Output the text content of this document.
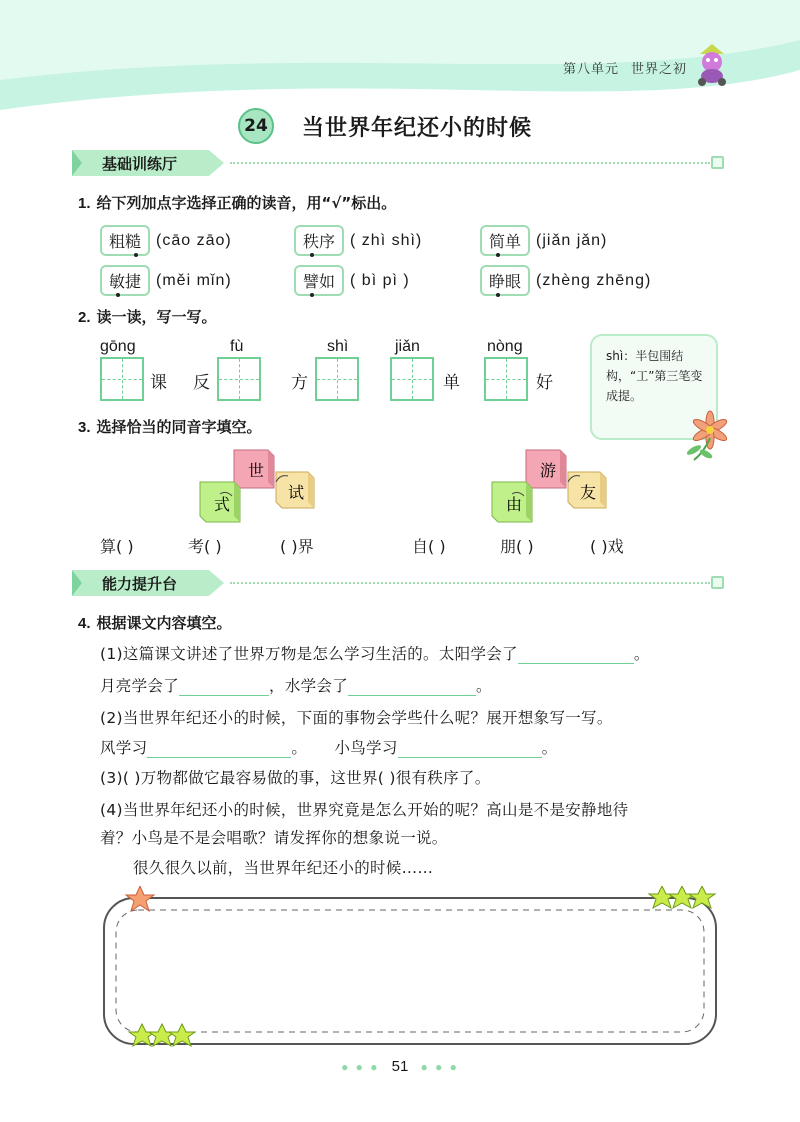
第八单元 世界之初
24 当世界年纪还小的时候
基础训练厅
1. 给下列加点字选择正确的读音，用“√”标出。
粗糙 (cāo zāo)	秩序 ( zhì shì)	简单 (jiǎn jǎn)
敏捷 (měi mǐn)	譬如 ( bì pì )	睁眼 (zhèng zhēng)
2. 读一读，写一写。
gōng
课 反
fù
方
shì	jiǎn
单
nòng
好
shì：半包围结构，“工”第三笔变成提。
3. 选择恰当的同音字填空。
世
式
试
游
由
友
算( )	考( )	( )界	自( )	朋( )	( )戏
能力提升台
4. 根据课文内容填空。
(1)这篇课文讲述了世界万物是怎么学习生活的。太阳学会了	。
月亮学会了	，水学会了	。
(2)当世界年纪还小的时候，下面的事物会学些什么呢？展开想象写一写。
风学习	。 小鸟学习	。
(3)( )万物都做它最容易做的事，这世界( )很有秩序了。
(4)当世界年纪还小的时候，世界究竟是怎么开始的呢？高山是不是安静地待
着？小鸟是不是会唱歌？请发挥你的想象说一说。
很久很久以前，当世界年纪还小的时候……
● ● ● 51 ● ● ●
